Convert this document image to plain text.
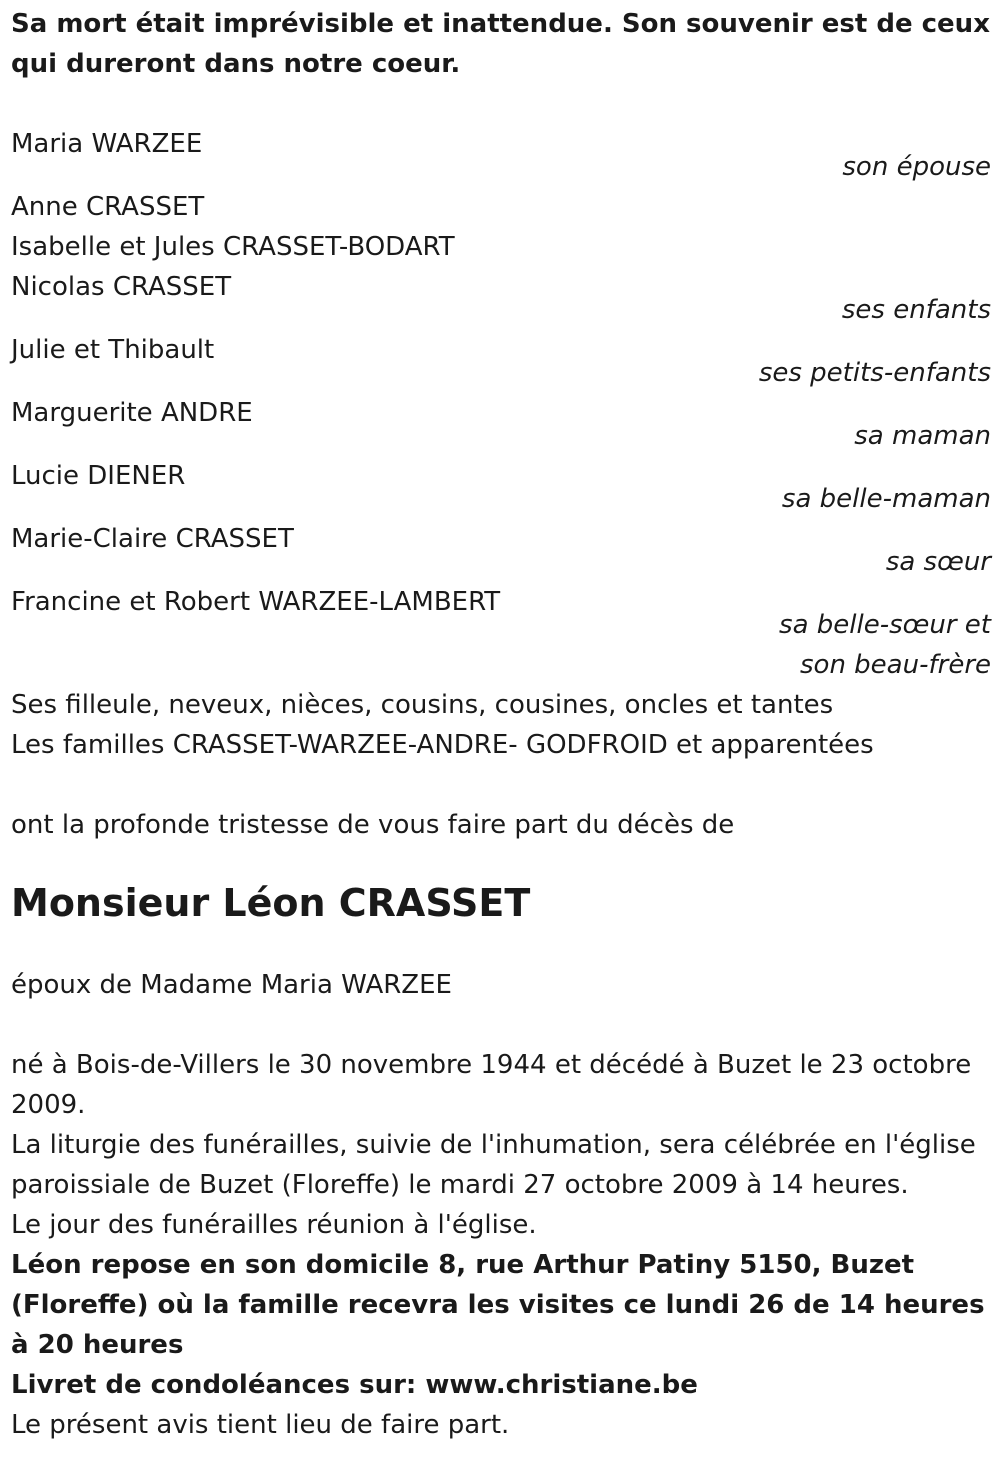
Sa mort était imprévisible et inattendue. Son souvenir est de ceux qui dureront dans notre coeur.

Maria WARZEE
son épouse
Anne CRASSET
Isabelle et Jules CRASSET-BODART
Nicolas CRASSET
ses enfants
Julie et Thibault
ses petits-enfants
Marguerite ANDRE
sa maman
Lucie DIENER
sa belle-maman
Marie-Claire CRASSET
sa sœur
Francine et Robert WARZEE-LAMBERT
sa belle-sœur et
son beau-frère
Ses filleule, neveux, nièces, cousins, cousines, oncles et tantes
Les familles CRASSET-WARZEE-ANDRE- GODFROID et apparentées

ont la profonde tristesse de vous faire part du décès de

Monsieur Léon CRASSET

époux de Madame Maria WARZEE

né à Bois-de-Villers le 30 novembre 1944 et décédé à Buzet le 23 octobre 2009.

La liturgie des funérailles, suivie de l'inhumation, sera célébrée en l'église paroissiale de Buzet (Floreffe) le mardi 27 octobre 2009 à 14 heures.

Le jour des funérailles réunion à l'église.

Léon repose en son domicile 8, rue Arthur Patiny 5150, Buzet (Floreffe) où la famille recevra les visites ce lundi 26 de 14 heures à 20 heures

Livret de condoléances sur: www.christiane.be

Le présent avis tient lieu de faire part.
